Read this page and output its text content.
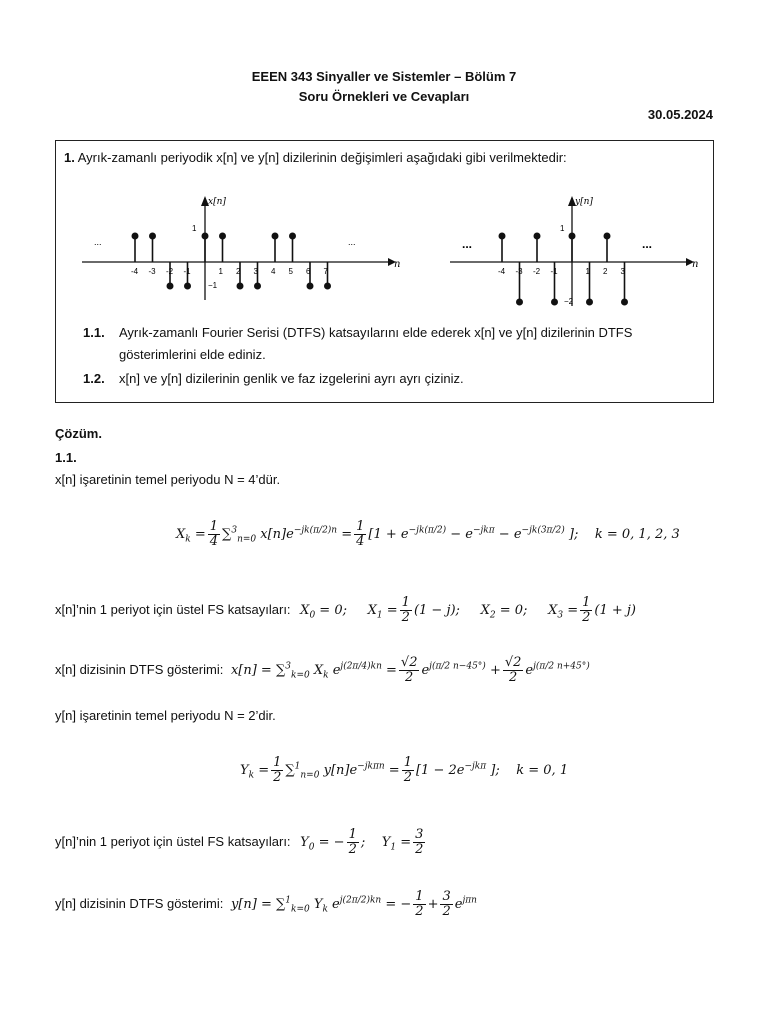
EEEN 343 Sinyaller ve Sistemler – Bölüm 7
Soru Örnekleri ve Cevapları
30.05.2024
1. Ayrık-zamanlı periyodik x[n] ve y[n] dizilerinin değişimleri aşağıdaki gibi verilmektedir:
-4 -3 -2 -1	1 2 3 4 5 6 7
x[n]
1
−1
...	...
n
-4 -3 -2 -1	1 2 3
y[n]
1
−2
...	...
n
1.1. Ayrık-zamanlı Fourier Serisi (DTFS) katsayılarını elde ederek x[n] ve y[n] dizilerinin DTFS
gösterimlerini elde ediniz.
1.2. x[n] ve y[n] dizilerinin genlik ve faz izgelerini ayrı ayrı çiziniz.
Çözüm.
1.1.
x[n] işaretinin temel periyodu N = 4’dür.
$X_k = \frac{1}{4} \sum^3_{n=0}$ $x[n]e^{-jk(\pi/2)n} = \frac{1}{4} [1 + e^{-jk(\pi/2)} - e^{-jk\pi} - e^{-jk(3\pi/2)}$ ];    k = 0, 1, 2, 3
x[n]’nin 1 periyot için üstel FS katsayıları: $X_0 = 0$;     $X_1 = \frac{1}{2} (1 - j)$;     $X_2 = 0$;     $X_3 = \frac{1}{2} (1 + j)$
x[n] dizisinin DTFS gösterimi: x[n] = ∑$^3_{k=0}$ $X_k$ $e^{j(2\pi/4)kn} = \frac{√2}{2} e^{j(\pi/2 n-45^\circ)} + \frac{√2}{2} e^{j(\pi/2 n+45^\circ)}$
y[n] işaretinin temel periyodu N = 2’dir.
$Y_k = \frac{1}{2} \sum^1_{n=0}$ $y[n]e^{-jk\pi n} = \frac{1}{2} [1 - 2e^{-jk\pi}$ ];    k = 0, 1
y[n]’nin 1 periyot için üstel FS katsayıları: $Y_0$ = − $\frac{1}{2}$ ;    $Y_1 = \frac{3}{2}$
y[n] dizisinin DTFS gösterimi: y[n] = ∑$^1_{k=0}$ $Y_k$ $e^{j(2\pi/2)kn}$ = − $\frac{1}{2} + \frac{3}{2} e^{j\pi n}$
